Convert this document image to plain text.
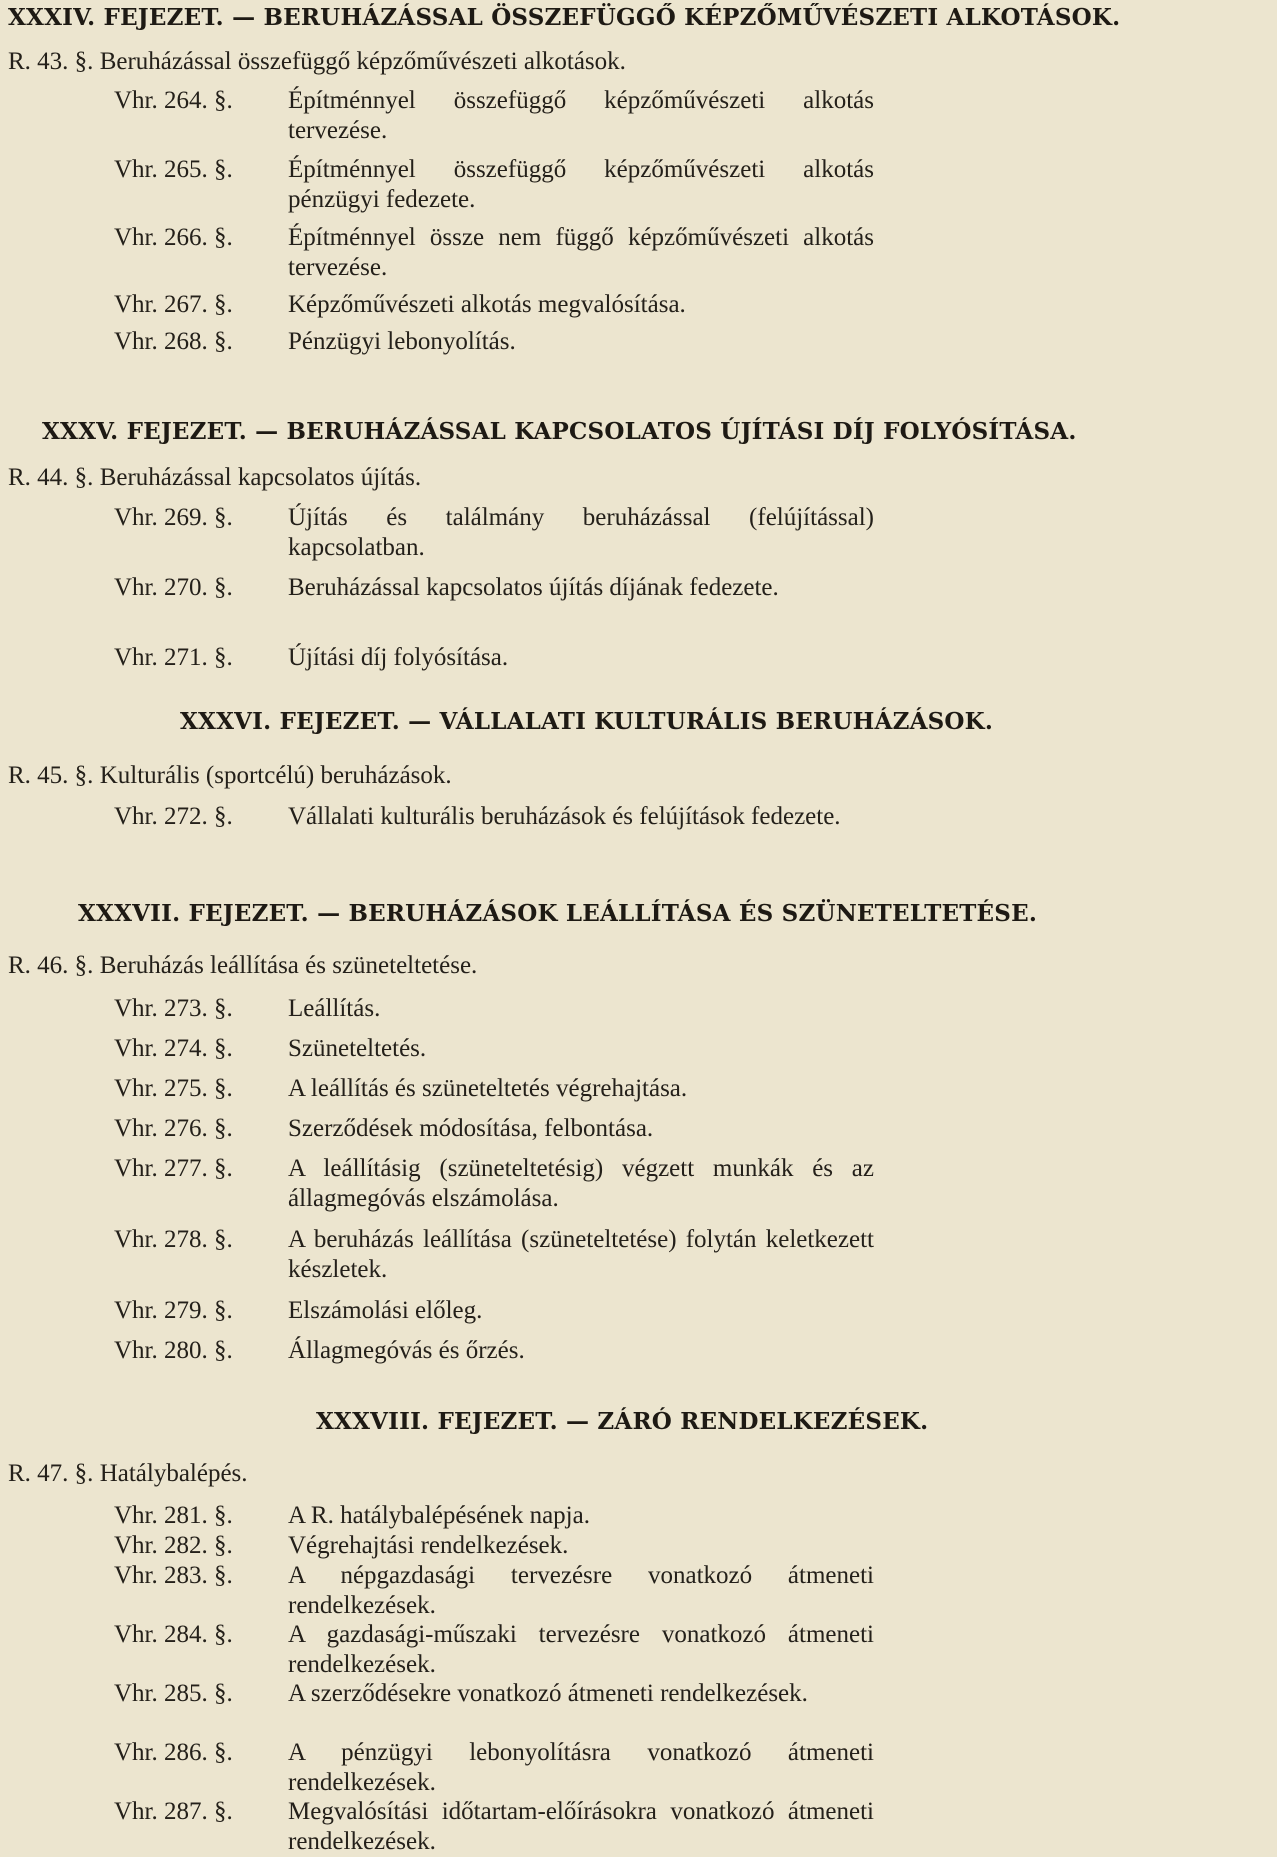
XXXIV. FEJEZET. — BERUHÁZÁSSAL ÖSSZEFÜGGŐ KÉPZŐMŰVÉSZETI ALKOTÁSOK.
R. 43. §. Beruházással összefüggő képzőművészeti alkotások.
Vhr. 264. §. Építménnyel összefüggő képzőművészeti alkotás tervezése.
Vhr. 265. §. Építménnyel összefüggő képzőművészeti alkotás pénzügyi fedezete.
Vhr. 266. §. Építménnyel össze nem függő képzőművészeti alkotás tervezése.
Vhr. 267. §. Képzőművészeti alkotás megvalósítása.
Vhr. 268. §. Pénzügyi lebonyolítás.
XXXV. FEJEZET. — BERUHÁZÁSSAL KAPCSOLATOS ÚJÍTÁSI DÍJ FOLYÓSÍTÁSA.
R. 44. §. Beruházással kapcsolatos újítás.
Vhr. 269. §. Újítás és találmány beruházással (felújítással) kapcsolatban.
Vhr. 270. §. Beruházással kapcsolatos újítás díjának fedezete.
Vhr. 271. §. Újítási díj folyósítása.
XXXVI. FEJEZET. — VÁLLALATI KULTURÁLIS BERUHÁZÁSOK.
R. 45. §. Kulturális (sportcélú) beruházások.
Vhr. 272. §. Vállalati kulturális beruházások és felújítások fedezete.
XXXVII. FEJEZET. — BERUHÁZÁSOK LEÁLLÍTÁSA ÉS SZÜNETELTETÉSE.
R. 46. §. Beruházás leállítása és szüneteltetése.
Vhr. 273. §. Leállítás.
Vhr. 274. §. Szüneteltetés.
Vhr. 275. §. A leállítás és szüneteltetés végrehajtása.
Vhr. 276. §. Szerződések módosítása, felbontása.
Vhr. 277. §. A leállításig (szüneteltetésig) végzett munkák és az állagmegóvás elszámolása.
Vhr. 278. §. A beruházás leállítása (szüneteltetése) folytán keletkezett készletek.
Vhr. 279. §. Elszámolási előleg.
Vhr. 280. §. Állagmegóvás és őrzés.
XXXVIII. FEJEZET. — ZÁRÓ RENDELKEZÉSEK.
R. 47. §. Hatálybalépés.
Vhr. 281. §. A R. hatálybalépésének napja.
Vhr. 282. §. Végrehajtási rendelkezések.
Vhr. 283. §. A népgazdasági tervezésre vonatkozó átmeneti rendelkezések.
Vhr. 284. §. A gazdasági-műszaki tervezésre vonatkozó átmeneti rendelkezések.
Vhr. 285. §. A szerződésekre vonatkozó átmeneti rendelkezések.
Vhr. 286. §. A pénzügyi lebonyolításra vonatkozó átmeneti rendelkezések.
Vhr. 287. §. Megvalósítási időtartam-előírásokra vonatkozó átmeneti rendelkezések.
